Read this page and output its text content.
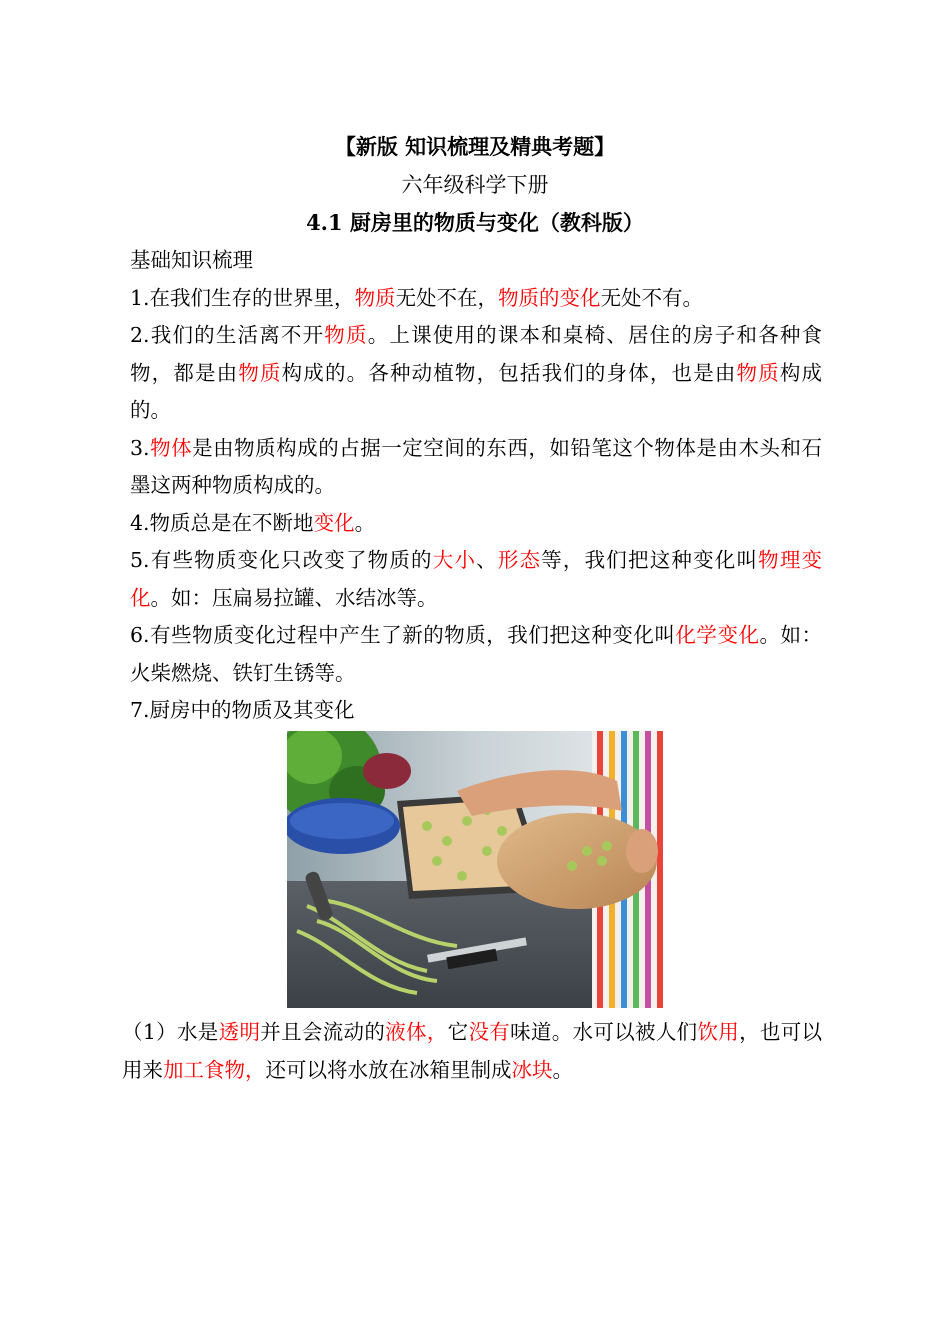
【新版 知识梳理及精典考题】
六年级科学下册
4.1 厨房里的物质与变化（教科版）

基础知识梳理

1.在我们生存的世界里，物质无处不在，物质的变化无处不有。

2.我们的生活离不开物质。上课使用的课本和桌椅、居住的房子和各种食物，都是由物质构成的。各种动植物，包括我们的身体，也是由物质构成的。

3.物体是由物质构成的占据一定空间的东西，如铅笔这个物体是由木头和石墨这两种物质构成的。

4.物质总是在不断地变化。

5.有些物质变化只改变了物质的大小、形态等，我们把这种变化叫物理变化。如：压扁易拉罐、水结冰等。

6.有些物质变化过程中产生了新的物质，我们把这种变化叫化学变化。如：火柴燃烧、铁钉生锈等。

7.厨房中的物质及其变化

（1）水是透明并且会流动的液体，它没有味道。水可以被人们饮用，也可以用来加工食物，还可以将水放在冰箱里制成冰块。
